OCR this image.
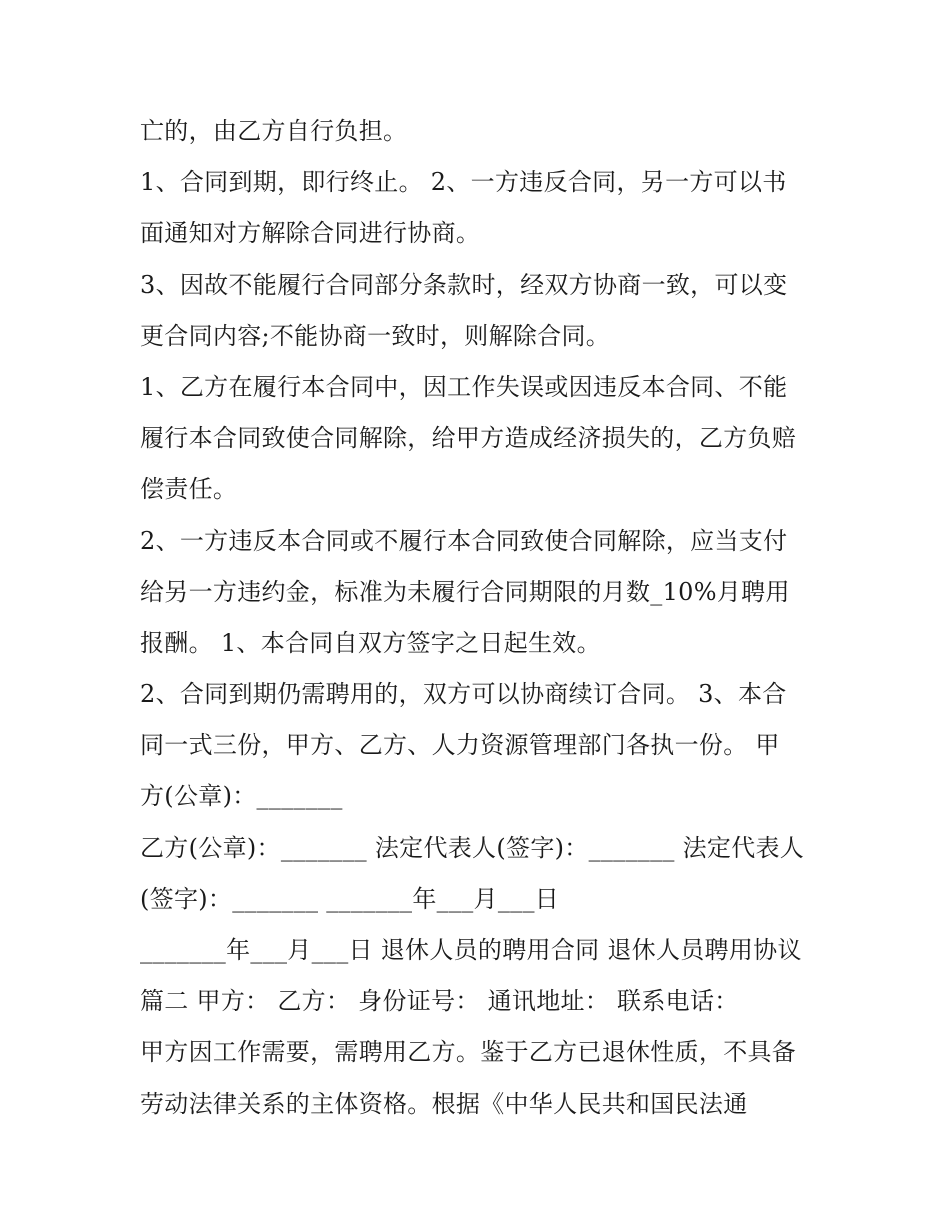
亡的，由乙方自行负担。
1、合同到期，即行终止。 2、一方违反合同，另一方可以书
面通知对方解除合同进行协商。
3、因故不能履行合同部分条款时，经双方协商一致，可以变
更合同内容;不能协商一致时，则解除合同。
1、乙方在履行本合同中，因工作失误或因违反本合同、不能
履行本合同致使合同解除，给甲方造成经济损失的，乙方负赔
偿责任。
2、一方违反本合同或不履行本合同致使合同解除，应当支付
给另一方违约金，标准为未履行合同期限的月数_10%月聘用
报酬。 1、本合同自双方签字之日起生效。
2、合同到期仍需聘用的，双方可以协商续订合同。 3、本合
同一式三份，甲方、乙方、人力资源管理部门各执一份。 甲
方(公章)：_______
乙方(公章)：_______ 法定代表人(签字)：_______ 法定代表人
(签字)：_______ _______年___月___日
_______年___月___日 退休人员的聘用合同 退休人员聘用协议
篇二 甲方： 乙方： 身份证号： 通讯地址： 联系电话：
甲方因工作需要，需聘用乙方。鉴于乙方已退休性质，不具备
劳动法律关系的主体资格。根据《中华人民共和国民法通
